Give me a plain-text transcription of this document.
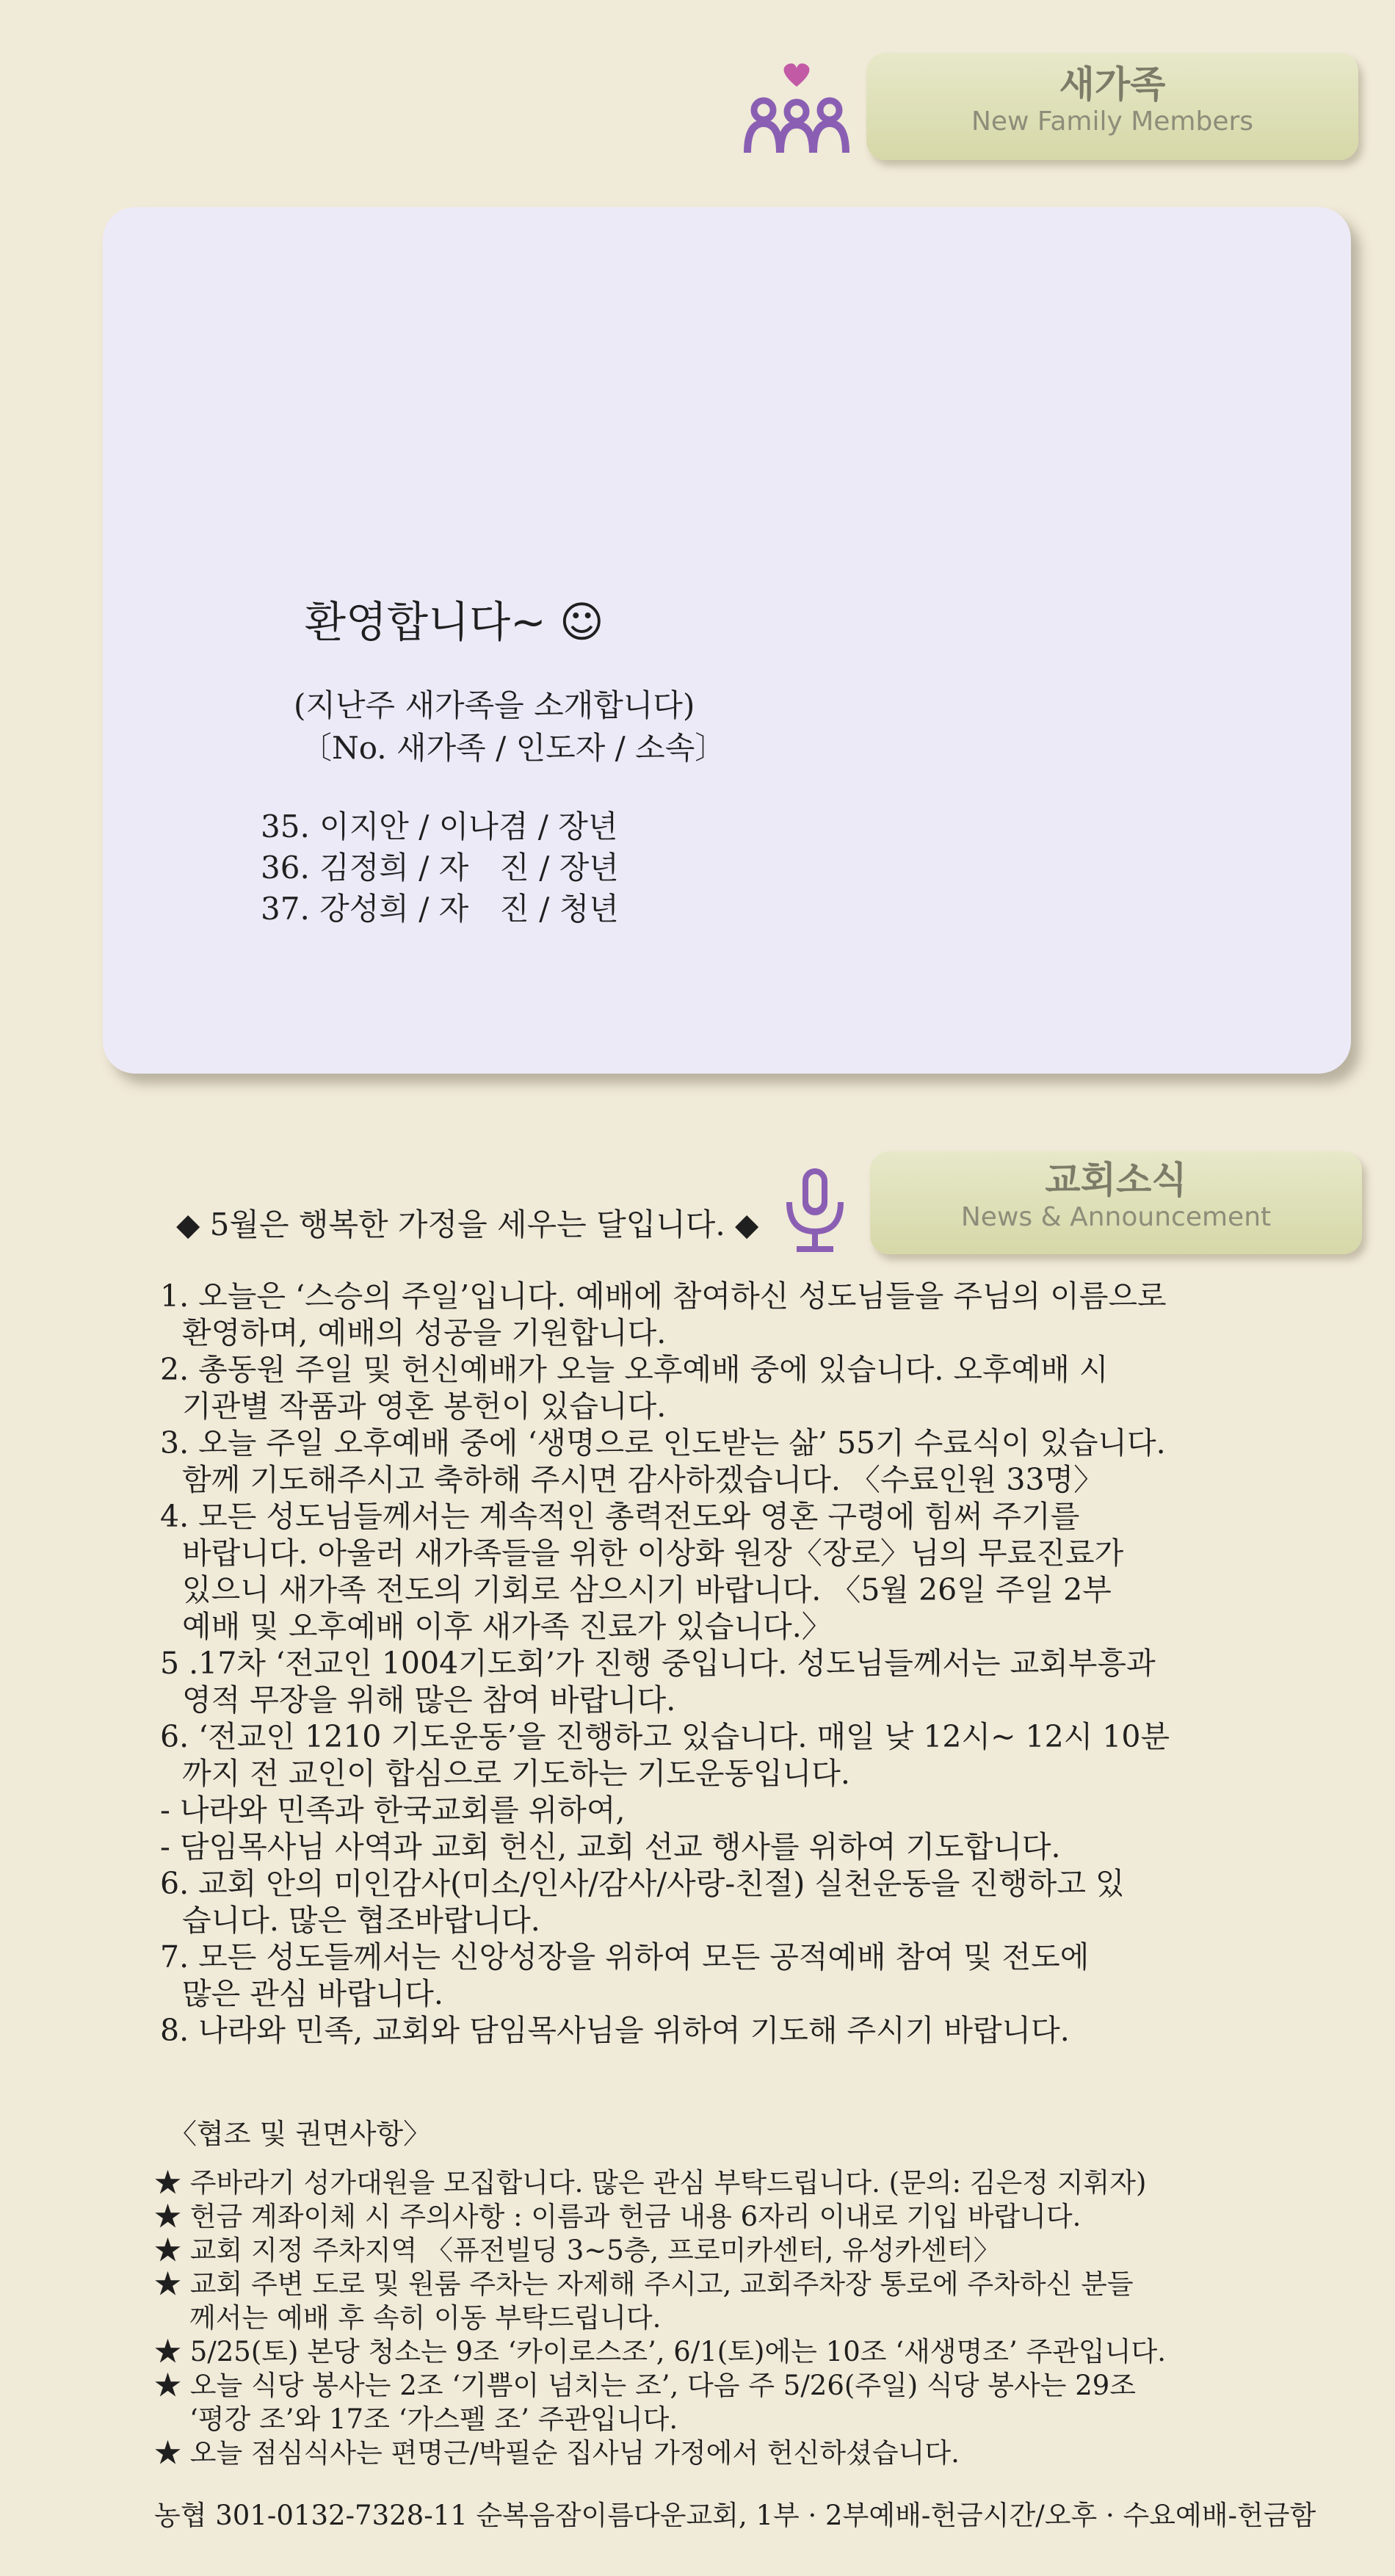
새가족
New Family Members
환영합니다~ ☺
(지난주 새가족을 소개합니다)
〔No. 새가족 / 인도자 / 소속〕
35. 이지안 / 이나겸 / 장년
36. 김정희 / 자　진 / 장년
37. 강성희 / 자　진 / 청년
◆ 5월은 행복한 가정을 세우는 달입니다. ◆
교회소식
News & Announcement
1. 오늘은 ‘스승의 주일’입니다. 예배에 참여하신 성도님들을 주님의 이름으로
환영하며, 예배의 성공을 기원합니다.
2. 총동원 주일 및 헌신예배가 오늘 오후예배 중에 있습니다. 오후예배 시
기관별 작품과 영혼 봉헌이 있습니다.
3. 오늘 주일 오후예배 중에 ‘생명으로 인도받는 삶’ 55기 수료식이 있습니다.
함께 기도해주시고 축하해 주시면 감사하겠습니다. 〈수료인원 33명〉
4. 모든 성도님들께서는 계속적인 총력전도와 영혼 구령에 힘써 주기를
바랍니다. 아울러 새가족들을 위한 이상화 원장〈장로〉님의 무료진료가
있으니 새가족 전도의 기회로 삼으시기 바랍니다. 〈5월 26일 주일 2부
예배 및 오후예배 이후 새가족 진료가 있습니다.〉
5 .17차 ‘전교인 1004기도회’가 진행 중입니다. 성도님들께서는 교회부흥과
영적 무장을 위해 많은 참여 바랍니다.
6. ‘전교인 1210 기도운동’을 진행하고 있습니다. 매일 낮 12시~ 12시 10분
까지 전 교인이 합심으로 기도하는 기도운동입니다.
- 나라와 민족과 한국교회를 위하여,
- 담임목사님 사역과 교회 헌신, 교회 선교 행사를 위하여 기도합니다.
6. 교회 안의 미인감사(미소/인사/감사/사랑-친절) 실천운동을 진행하고 있
습니다. 많은 협조바랍니다.
7. 모든 성도들께서는 신앙성장을 위하여 모든 공적예배 참여 및 전도에
많은 관심 바랍니다.
8. 나라와 민족, 교회와 담임목사님을 위하여 기도해 주시기 바랍니다.
〈협조 및 권면사항〉
★ 주바라기 성가대원을 모집합니다. 많은 관심 부탁드립니다. (문의: 김은정 지휘자)
★ 헌금 계좌이체 시 주의사항 : 이름과 헌금 내용 6자리 이내로 기입 바랍니다.
★ 교회 지정 주차지역 〈퓨전빌딩 3~5층, 프로미카센터, 유성카센터〉
★ 교회 주변 도로 및 원룸 주차는 자제해 주시고, 교회주차장 통로에 주차하신 분들
께서는 예배 후 속히 이동 부탁드립니다.
★ 5/25(토) 본당 청소는 9조 ‘카이로스조’, 6/1(토)에는 10조 ‘새생명조’ 주관입니다.
★ 오늘 식당 봉사는 2조 ‘기쁨이 넘치는 조’, 다음 주 5/26(주일) 식당 봉사는 29조
‘평강 조’와 17조 ‘가스펠 조’ 주관입니다.
★ 오늘 점심식사는 편명근/박필순 집사님 가정에서 헌신하셨습니다.
농협 301-0132-7328-11 순복음잠이름다운교회, 1부 · 2부예배-헌금시간/오후 · 수요예배-헌금함
